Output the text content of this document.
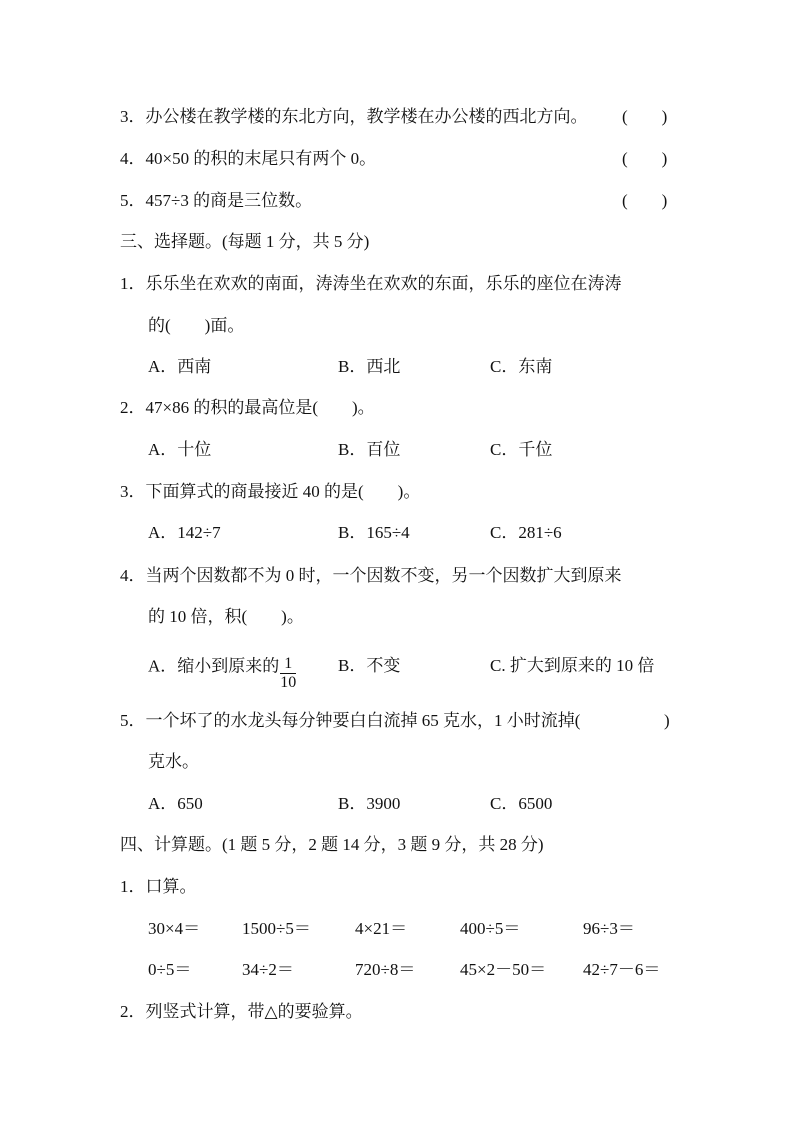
3．办公楼在教学楼的东北方向，教学楼在办公楼的西北方向。 (　　)
4．40×50 的积的末尾只有两个 0。	(　　)
5．457÷3 的商是三位数。	(　　)
三、选择题。(每题 1 分，共 5 分)
1．乐乐坐在欢欢的南面，涛涛坐在欢欢的东面，乐乐的座位在涛涛
的(　　)面。
A．西南	B．西北	C．东南
2．47×86 的积的最高位是(　　)。
A．十位	B．百位	C．千位
3．下面算式的商最接近 40 的是(　　)。
A．142÷7	B．165÷4	C．281÷6
4．当两个因数都不为 0 时，一个因数不变，另一个因数扩大到原来
的 10 倍，积(　　)。
A．缩小到原来的 $\frac{1}{10}$ B．不变	C. 扩大到原来的 10 倍
5．一个坏了的水龙头每分钟要白白流掉 65 克水，1 小时流掉(	)
克水。
A．650	B．3900	C．6500
四、计算题。(1 题 5 分，2 题 14 分，3 题 9 分，共 28 分)
1．口算。
30×4＝ 1500÷5＝	4×21＝	400÷5＝	96÷3＝
0÷5＝	34÷2＝	720÷8＝	45×2－50＝ 42÷7－6＝
2．列竖式计算，带△的要验算。
